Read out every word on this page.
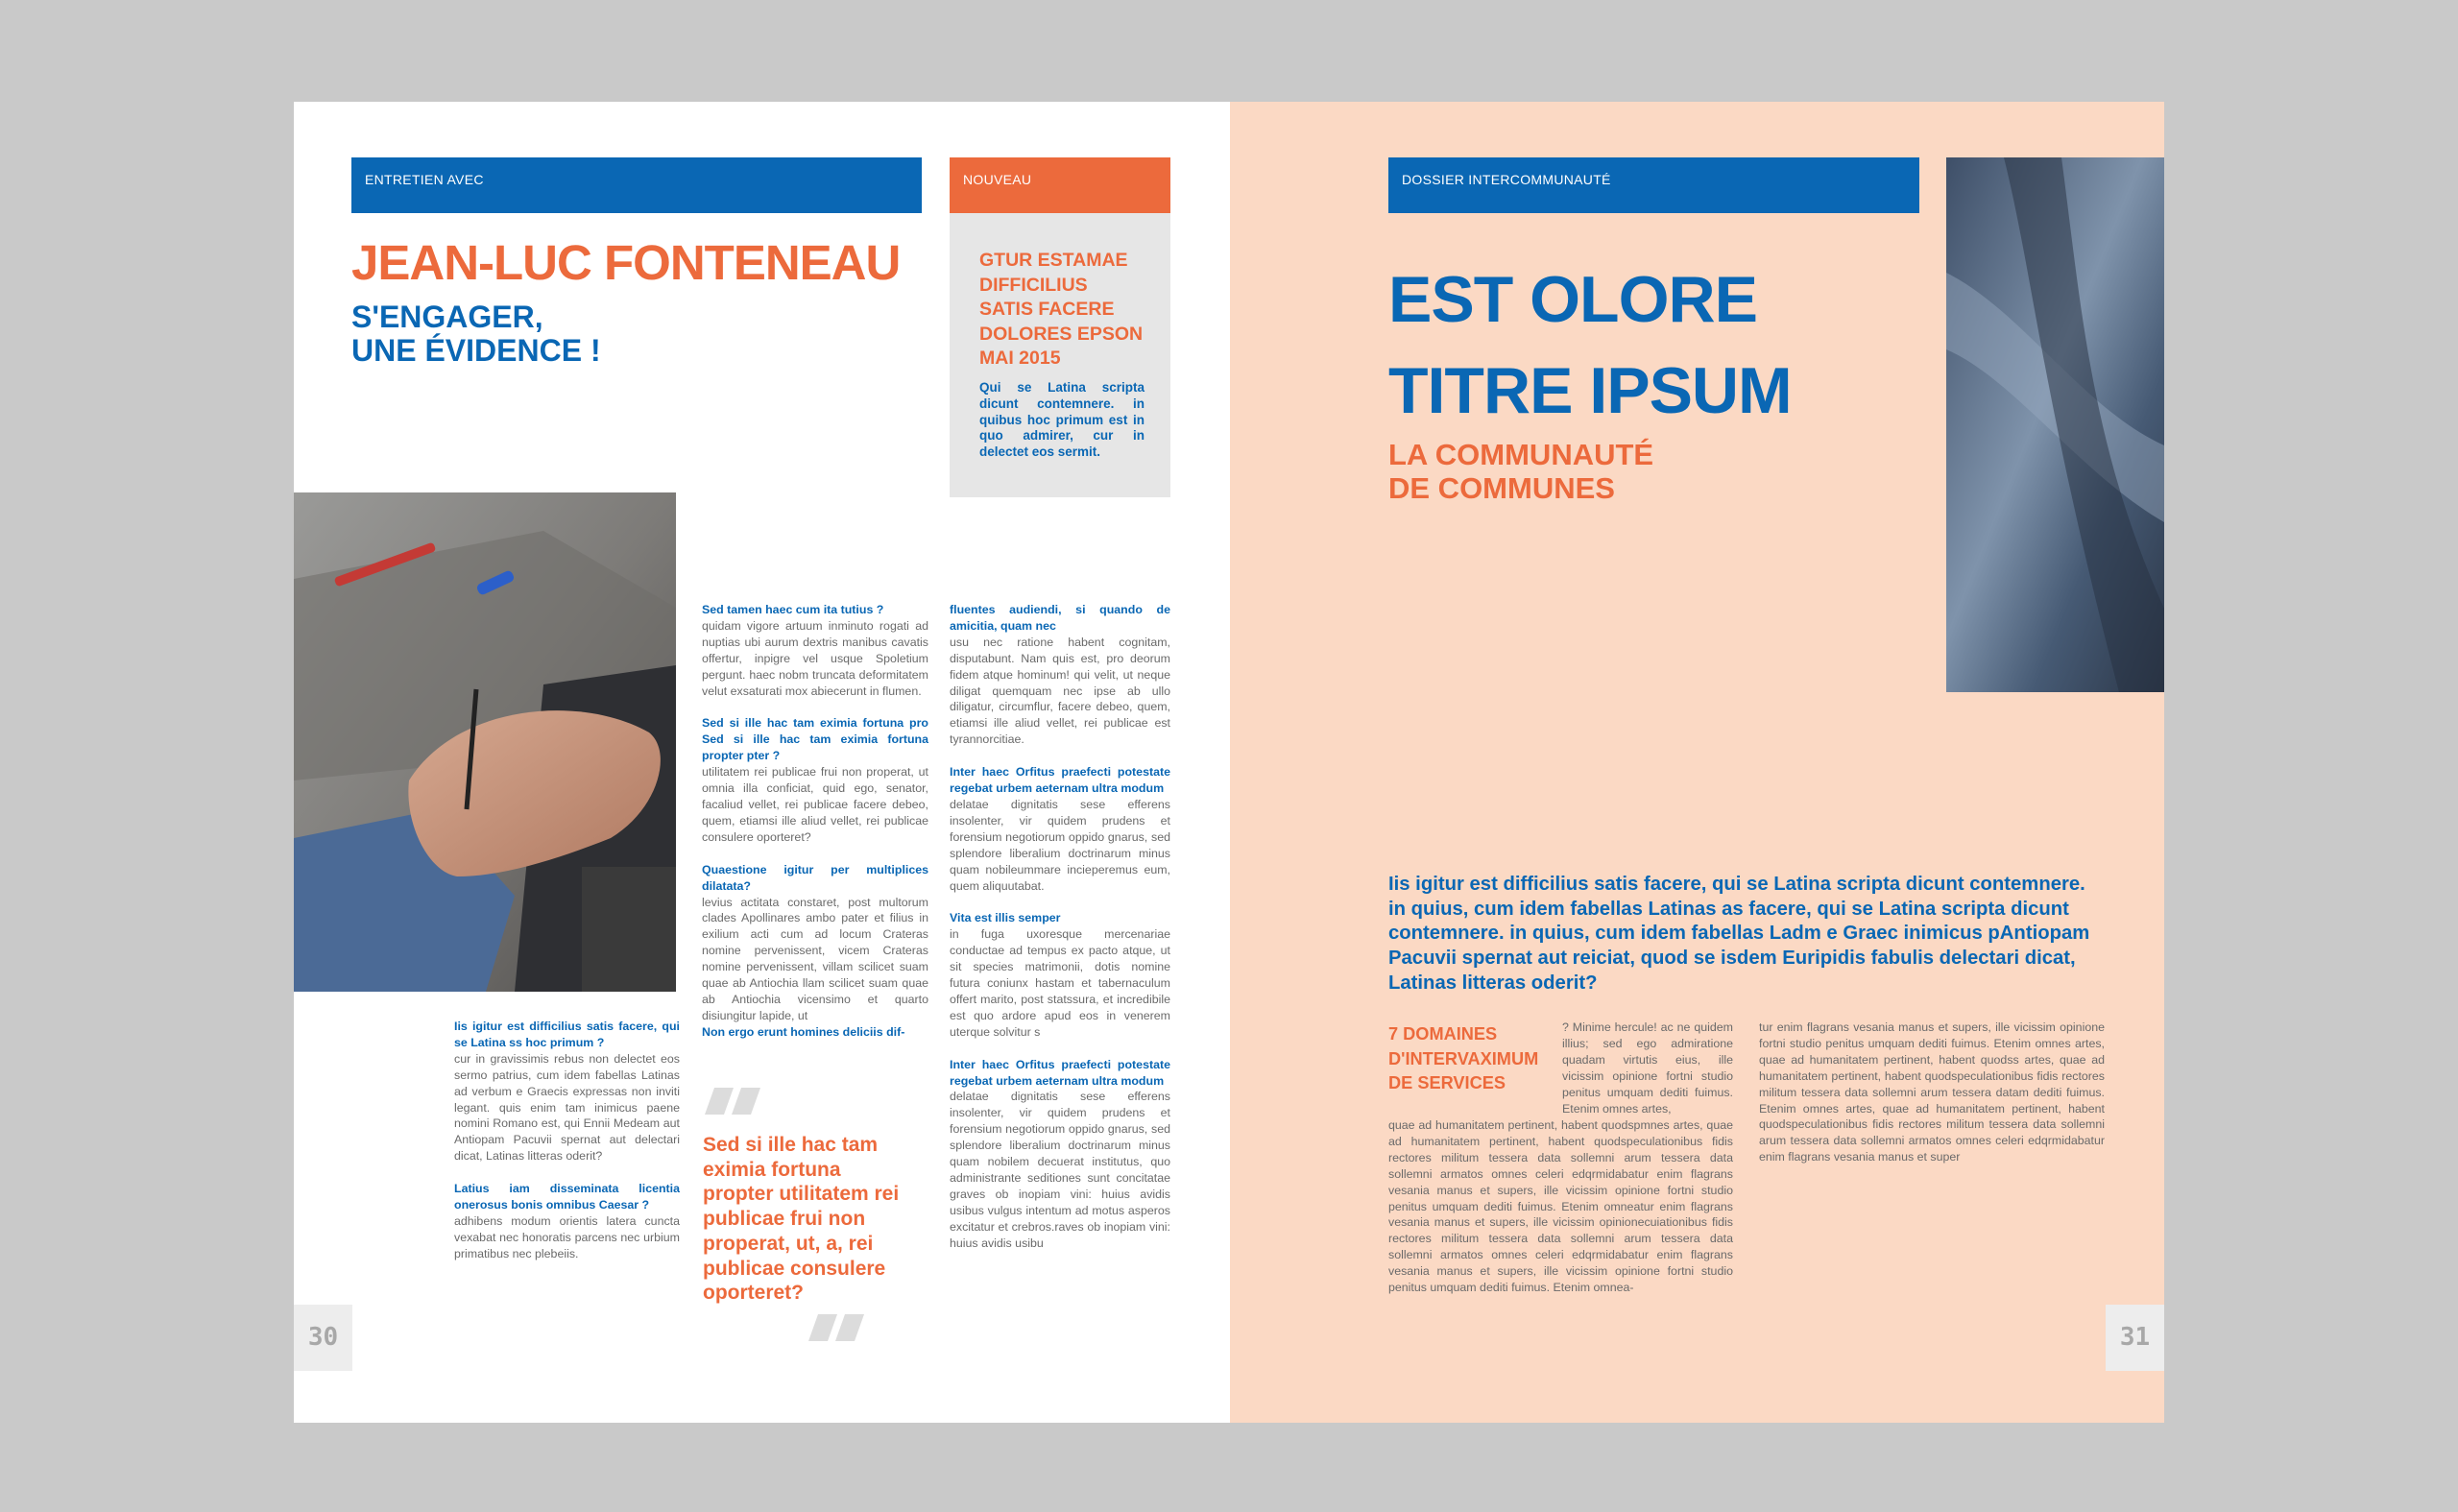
ENTRETIEN AVEC
JEAN-LUC FONTENEAU
S'ENGAGER,
UNE ÉVIDENCE !
NOUVEAU
GTUR ESTAMAE
DIFFICILIUS
SATIS FACERE
DOLORES EPSON
MAI 2015
Qui se Latina scripta dicunt contemnere. in quibus hoc primum est in quo admirer, cur in delectet eos sermit.

Iis igitur est difficilius satis facere, qui se Latina ss hoc primum ?
cur in gravissimis rebus non delectet eos sermo patrius, cum idem fabellas Latinas ad verbum e Graecis expressas non inviti legant. quis enim tam inimicus paene nomini Romano est, qui Ennii Medeam aut Antiopam Pacuvii spernat aut delectari dicat, Latinas litteras oderit?

Latius iam disseminata licentia onerosus bonis omnibus Caesar ?
adhibens modum orientis latera cuncta vexabat nec honoratis parcens nec urbium primatibus nec plebeiis.

Sed tamen haec cum ita tutius ?
quidam vigore artuum inminuto rogati ad nuptias ubi aurum dextris manibus cavatis offertur, inpigre vel usque Spoletium pergunt. haec nobm truncata deformitatem velut exsaturati mox abiecerunt in flumen.

Sed si ille hac tam eximia fortuna pro Sed si ille hac tam eximia fortuna propter pter ?
utilitatem rei publicae frui non properat, ut omnia illa conficiat, quid ego, senator, facaliud vellet, rei publicae facere debeo, quem, etiamsi ille aliud vellet, rei publicae consulere oporteret?

Quaestione igitur per multiplices dilatata?
levius actitata constaret, post multorum clades Apollinares ambo pater et filius in exilium acti cum ad locum Crateras nomine pervenissent, vicem Crateras nomine pervenissent, villam scilicet suam quae ab Antiochia llam scilicet suam quae ab Antiochia vicensimo et quarto disiungitur lapide, ut
Non ergo erunt homines deliciis dif-

Sed si ille hac tam eximia fortuna propter utilitatem rei publicae frui non properat, ut, a, rei publicae consulere oporteret?

fluentes audiendi, si quando de amicitia, quam nec
usu nec ratione habent cognitam, disputabunt. Nam quis est, pro deorum fidem atque hominum! qui velit, ut neque diligat quemquam nec ipse ab ullo diligatur, circumflur, facere debeo, quem, etiamsi ille aliud vellet, rei publicae est tyrannorcitiae.

Inter haec Orfitus praefecti potestate regebat urbem aeternam ultra modum
delatae dignitatis sese efferens insolenter, vir quidem prudens et forensium negotiorum oppido gnarus, sed splendore liberalium doctrinarum minus quam nobileummare incieperemus eum, quem aliquutabat.

Vita est illis semper
in fuga uxoresque mercenariae conductae ad tempus ex pacto atque, ut sit species matrimonii, dotis nomine futura coniunx hastam et tabernaculum offert marito, post statssura, et incredibile est quo ardore apud eos in venerem uterque solvitur s

Inter haec Orfitus praefecti potestate regebat urbem aeternam ultra modum
delatae dignitatis sese efferens insolenter, vir quidem prudens et forensium negotiorum oppido gnarus, sed splendore liberalium doctrinarum minus quam nobilem decuerat institutus, quo administrante seditiones sunt concitatae graves ob inopiam vini: huius avidis usibus vulgus intentum ad motus asperos excitatur et crebros.raves ob inopiam vini: huius avidis usibu

30
DOSSIER INTERCOMMUNAUTÉ
EST OLORE
TITRE IPSUM
LA COMMUNAUTÉ
DE COMMUNES
Iis igitur est difficilius satis facere, qui se Latina scripta dicunt contemnere. in quius, cum idem fabellas Latinas as facere, qui se Latina scripta dicunt contemnere. in quius, cum idem fabellas Ladm e Graec inimicus pAntiopam Pacuvii spernat aut reiciat, quod se isdem Euripidis fabulis delectari dicat, Latinas litteras oderit?
7 DOMAINES
D'INTERVAXIMUM
DE SERVICES
? Minime hercule! ac ne quidem illius; sed ego admiratione quadam virtutis eius, ille vicissim opinione fortni studio penitus umquam dediti fuimus. Etenim omnes artes,
quae ad humanitatem pertinent, habent quodspmnes artes, quae ad humanitatem pertinent, habent quodspeculationibus fidis rectores militum tessera data sollemni arum tessera data sollemni armatos omnes celeri edqrmidabatur enim flagrans vesania manus et supers, ille vicissim opinione fortni studio penitus umquam dediti fuimus. Etenim omneatur enim flagrans vesania manus et supers, ille vicissim opinionecuiationibus fidis rectores militum tessera data sollemni arum tessera data sollemni armatos omnes celeri edqrmidabatur enim flagrans vesania manus et supers, ille vicissim opinione fortni studio penitus umquam dediti fuimus. Etenim omnea-
tur enim flagrans vesania manus et supers, ille vicissim opinione fortni studio penitus umquam dediti fuimus. Etenim omnes artes, quae ad humanitatem pertinent, habent quodss artes, quae ad humanitatem pertinent, habent quodspeculationibus fidis rectores militum tessera data sollemni arum tessera datam dediti fuimus. Etenim omnes artes, quae ad humanitatem pertinent, habent quodspeculationibus fidis rectores militum tessera data sollemni arum tessera data sollemni armatos omnes celeri edqrmidabatur enim flagrans vesania manus et super
31
